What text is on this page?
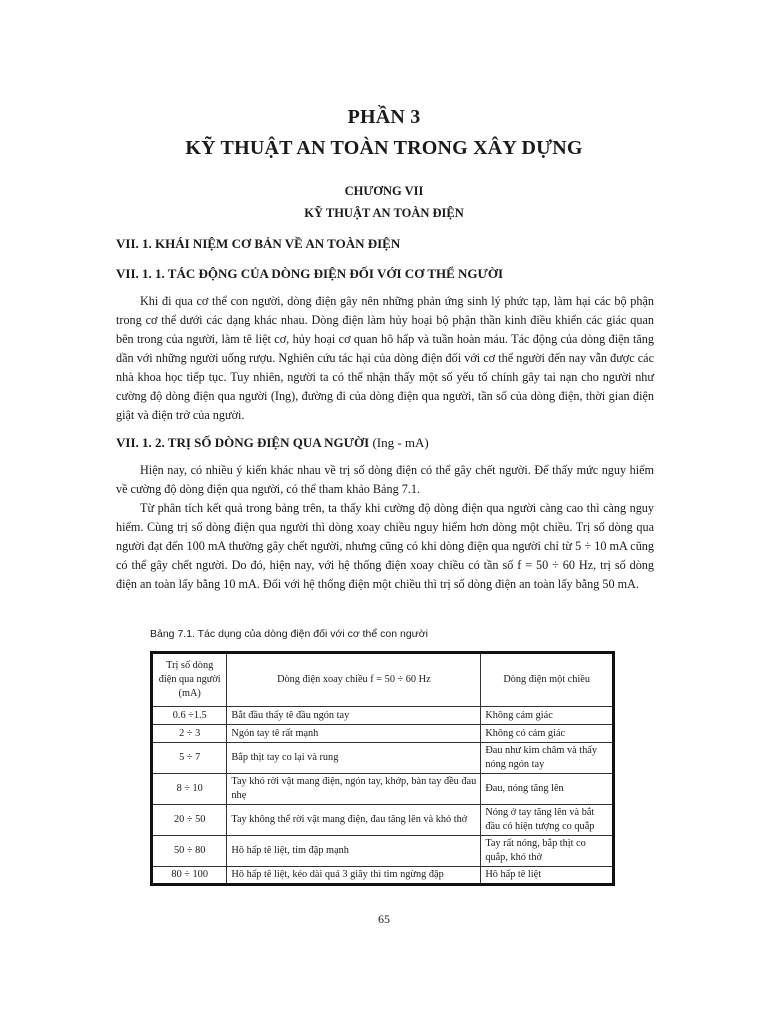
PHẦN 3
KỸ THUẬT AN TOÀN TRONG XÂY DỰNG
CHƯƠNG VII
KỸ THUẬT AN TOÀN ĐIỆN
VII. 1. KHÁI NIỆM CƠ BẢN VỀ AN TOÀN ĐIỆN
VII. 1. 1. TÁC ĐỘNG CỦA DÒNG ĐIỆN ĐỐI VỚI CƠ THỂ NGƯỜI

Khi đi qua cơ thể con người, dòng điện gây nên những phản ứng sinh lý phức tạp, làm hại các bộ phận trong cơ thể dưới các dạng khác nhau. Dòng điện làm hủy hoại bộ phận thần kinh điều khiển các giác quan bên trong của người, làm tê liệt cơ, hủy hoại cơ quan hô hấp và tuần hoàn máu. Tác động của dòng điện tăng dần với những người uống rượu. Nghiên cứu tác hại của dòng điện đối với cơ thể người đến nay vẫn được các nhà khoa học tiếp tục. Tuy nhiên, người ta có thể nhận thấy một số yếu tố chính gây tai nạn cho người như cường độ dòng điện qua người (Ing), đường đi của dòng điện qua người, tần số của dòng điện, thời gian điện giật và điện trở của người.

VII. 1. 2. TRỊ SỐ DÒNG ĐIỆN QUA NGƯỜI (Ing - mA)

Hiện nay, có nhiều ý kiến khác nhau về trị số dòng điện có thể gây chết người. Để thấy mức nguy hiểm về cường độ dòng điện qua người, có thể tham khảo Bảng 7.1.

Từ phân tích kết quả trong bảng trên, ta thấy khi cường độ dòng điện qua người càng cao thì càng nguy hiểm. Cùng trị số dòng điện qua người thì dòng xoay chiều nguy hiểm hơn dòng một chiều. Trị số dòng qua người đạt đến 100 mA thường gây chết người, nhưng cũng có khi dòng điện qua người chỉ từ 5 ÷ 10 mA cũng có thể gây chết người. Do đó, hiện nay, với hệ thống điện xoay chiều có tần số f = 50 ÷ 60 Hz, trị số dòng điện an toàn lấy bằng 10 mA. Đối với hệ thống điện một chiều thì trị số dòng điện an toàn lấy bằng 50 mA.

Bảng 7.1. Tác dụng của dòng điện đối với cơ thể con người
Trị số dòng điện qua người (mA)	Dòng điện xoay chiều f = 50 ÷ 60 Hz	Dòng điện một chiều
0.6 ÷1.5	Bắt đầu thấy tê đầu ngón tay	Không cảm giác
2 ÷ 3	Ngón tay tê rất mạnh	Không có cảm giác
5 ÷ 7	Bắp thịt tay co lại và rung	Đau như kim châm và thấy nóng ngón tay
8 ÷ 10	Tay khó rời vật mang điện, ngón tay, khớp, bàn tay đều đau nhẹ	Đau, nóng tăng lên
20 ÷ 50	Tay không thể rời vật mang điện, đau tăng lên và khó thở	Nóng ở tay tăng lên và bắt đầu có hiện tượng co quắp
50 ÷ 80	Hô hấp tê liệt, tim đập mạnh	Tay rất nóng, bắp thịt co quắp, khó thở
80 ÷ 100	Hô hấp tê liệt, kéo dài quá 3 giây thì tim ngừng đập	Hô hấp tê liệt
65
